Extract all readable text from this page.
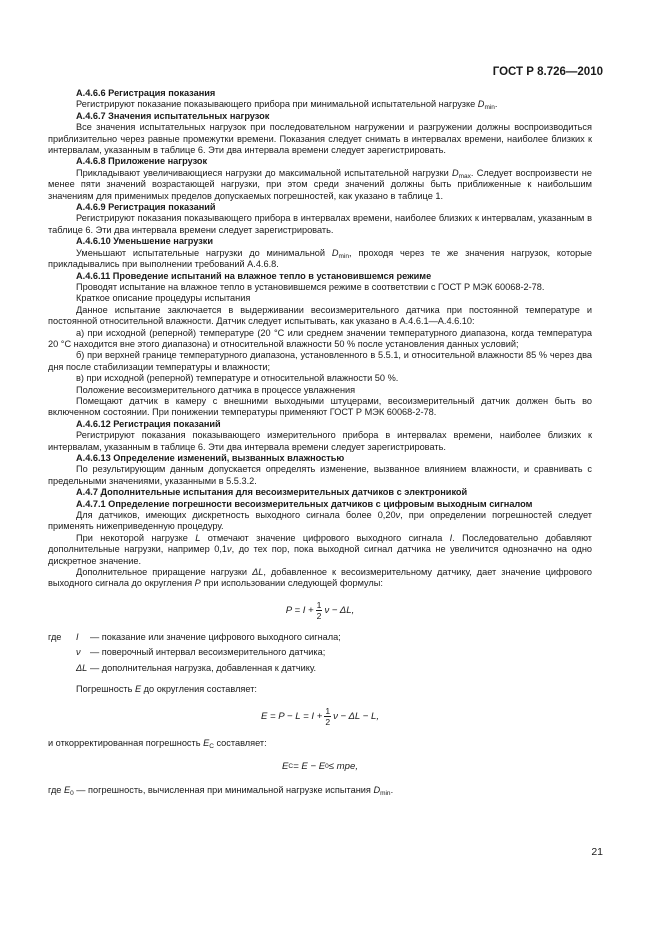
ГОСТ Р 8.726—2010

А.4.6.6 Регистрация показания

Регистрируют показание показывающего прибора при минимальной испытательной нагрузке $D_{min}$.

А.4.6.7 Значения испытательных нагрузок

Все значения испытательных нагрузок при последовательном нагружении и разгружении должны воспроизводиться приблизительно через равные промежутки времени. Показания следует снимать в интервалах времени, наиболее близких к интервалам, указанным в таблице 6. Эти два интервала времени следует зарегистрировать.

А.4.6.8 Приложение нагрузок

Прикладывают увеличивающиеся нагрузки до максимальной испытательной нагрузки $D_{max}$. Следует воспроизвести не менее пяти значений возрастающей нагрузки, при этом среди значений должны быть приближенные к наибольшим значениям для применимых пределов допускаемых погрешностей, как указано в таблице 1.

А.4.6.9 Регистрация показаний

Регистрируют показания показывающего прибора в интервалах времени, наиболее близких к интервалам, указанным в таблице 6. Эти два интервала времени следует зарегистрировать.

А.4.6.10 Уменьшение нагрузки

Уменьшают испытательные нагрузки до минимальной $D_{min}$, проходя через те же значения нагрузок, которые прикладывались при выполнении требований А.4.6.8.

А.4.6.11 Проведение испытаний на влажное тепло в установившемся режиме

Проводят испытание на влажное тепло в установившемся режиме в соответствии с ГОСТ Р МЭК 60068-2-78.

Краткое описание процедуры испытания

Данное испытание заключается в выдерживании весоизмерительного датчика при постоянной температуре и постоянной относительной влажности. Датчик следует испытывать, как указано в А.4.6.1—А.4.6.10:

а) при исходной (реперной) температуре (20 °С или среднем значении температурного диапазона, когда температура 20 °С находится вне этого диапазона) и относительной влажности 50 % после установления данных условий;

б) при верхней границе температурного диапазона, установленного в 5.5.1, и относительной влажности 85 % через два дня после стабилизации температуры и влажности;

в) при исходной (реперной) температуре и относительной влажности 50 %.

Положение весоизмерительного датчика в процессе увлажнения

Помещают датчик в камеру с внешними выходными штуцерами, весоизмерительный датчик должен быть во включенном состоянии. При понижении температуры применяют ГОСТ Р МЭК 60068-2-78.

А.4.6.12 Регистрация показаний

Регистрируют показания показывающего измерительного прибора в интервалах времени, наиболее близких к интервалам, указанным в таблице 6. Эти два интервала времени следует зарегистрировать.

А.4.6.13 Определение изменений, вызванных влажностью

По результирующим данным допускается определять изменение, вызванное влиянием влажности, и сравнивать с предельными значениями, указанными в 5.5.3.2.

А.4.7 Дополнительные испытания для весоизмерительных датчиков с электроникой

А.4.7.1 Определение погрешности весоизмерительных датчиков с цифровым выходным сигналом

Для датчиков, имеющих дискретность выходного сигнала более 0,20ν, при определении погрешностей следует применять нижеприведенную процедуру.

При некоторой нагрузке L отмечают значение цифрового выходного сигнала I. Последовательно добавляют дополнительные нагрузки, например 0,1ν, до тех пор, пока выходной сигнал датчика не увеличится однозначно на одно дискретное значение.

Дополнительное приращение нагрузки ΔL, добавленное к весоизмерительному датчику, дает значение цифрового выходного сигнала до округления P при использовании следующей формулы:

$P = I + \frac{1}{2}$ ν − ΔL,
где	I	— показание или значение цифрового выходного сигнала;
ν	— поверочный интервал весоизмерительного датчика;
ΔL — дополнительная нагрузка, добавленная к датчику.

Погрешность E до округления составляет:

$E = P - L = I + \frac{1}{2}$ ν − ΔL − L,

и откорректированная погрешность $E_C$ составляет:

E C = E − E 0 ≤ mpe,

где $E_0$ — погрешность, вычисленная при минимальной нагрузке испытания $D_{min}$.

21
